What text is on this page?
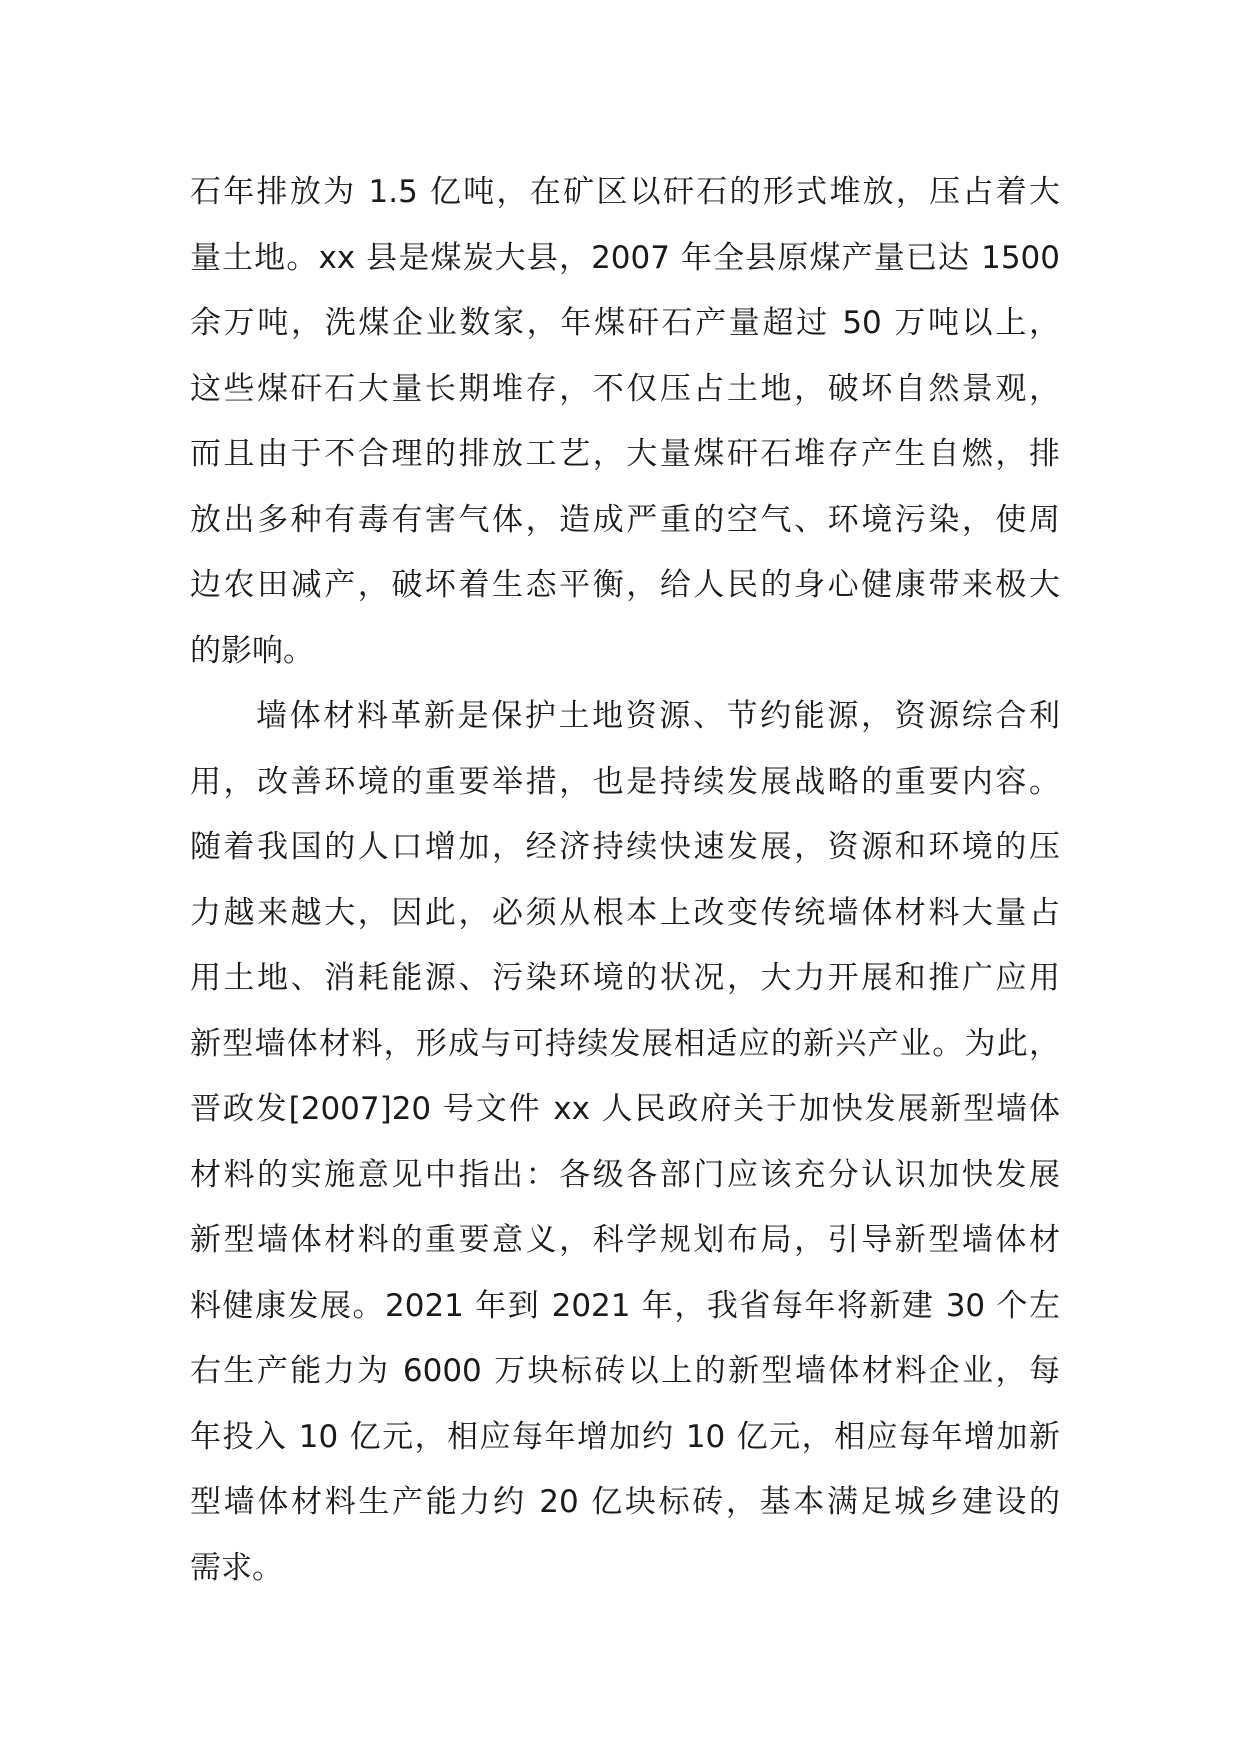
石年排放为 1.5 亿吨，在矿区以矸石的形式堆放，压占着大
量土地。xx 县是煤炭大县，2007 年全县原煤产量已达 1500
余万吨，洗煤企业数家，年煤矸石产量超过 50 万吨以上，
这些煤矸石大量长期堆存，不仅压占土地，破坏自然景观，
而且由于不合理的排放工艺，大量煤矸石堆存产生自燃，排
放出多种有毒有害气体，造成严重的空气、环境污染，使周
边农田减产，破坏着生态平衡，给人民的身心健康带来极大
的影响。
墙体材料革新是保护土地资源、节约能源，资源综合利
用，改善环境的重要举措，也是持续发展战略的重要内容。
随着我国的人口增加，经济持续快速发展，资源和环境的压
力越来越大，因此，必须从根本上改变传统墙体材料大量占
用土地、消耗能源、污染环境的状况，大力开展和推广应用
新型墙体材料，形成与可持续发展相适应的新兴产业。为此，
晋政发[2007]20 号文件 xx 人民政府关于加快发展新型墙体
材料的实施意见中指出：各级各部门应该充分认识加快发展
新型墙体材料的重要意义，科学规划布局，引导新型墙体材
料健康发展。2021 年到 2021 年，我省每年将新建 30 个左
右生产能力为 6000 万块标砖以上的新型墙体材料企业，每
年投入 10 亿元，相应每年增加约 10 亿元，相应每年增加新
型墙体材料生产能力约 20 亿块标砖，基本满足城乡建设的
需求。
